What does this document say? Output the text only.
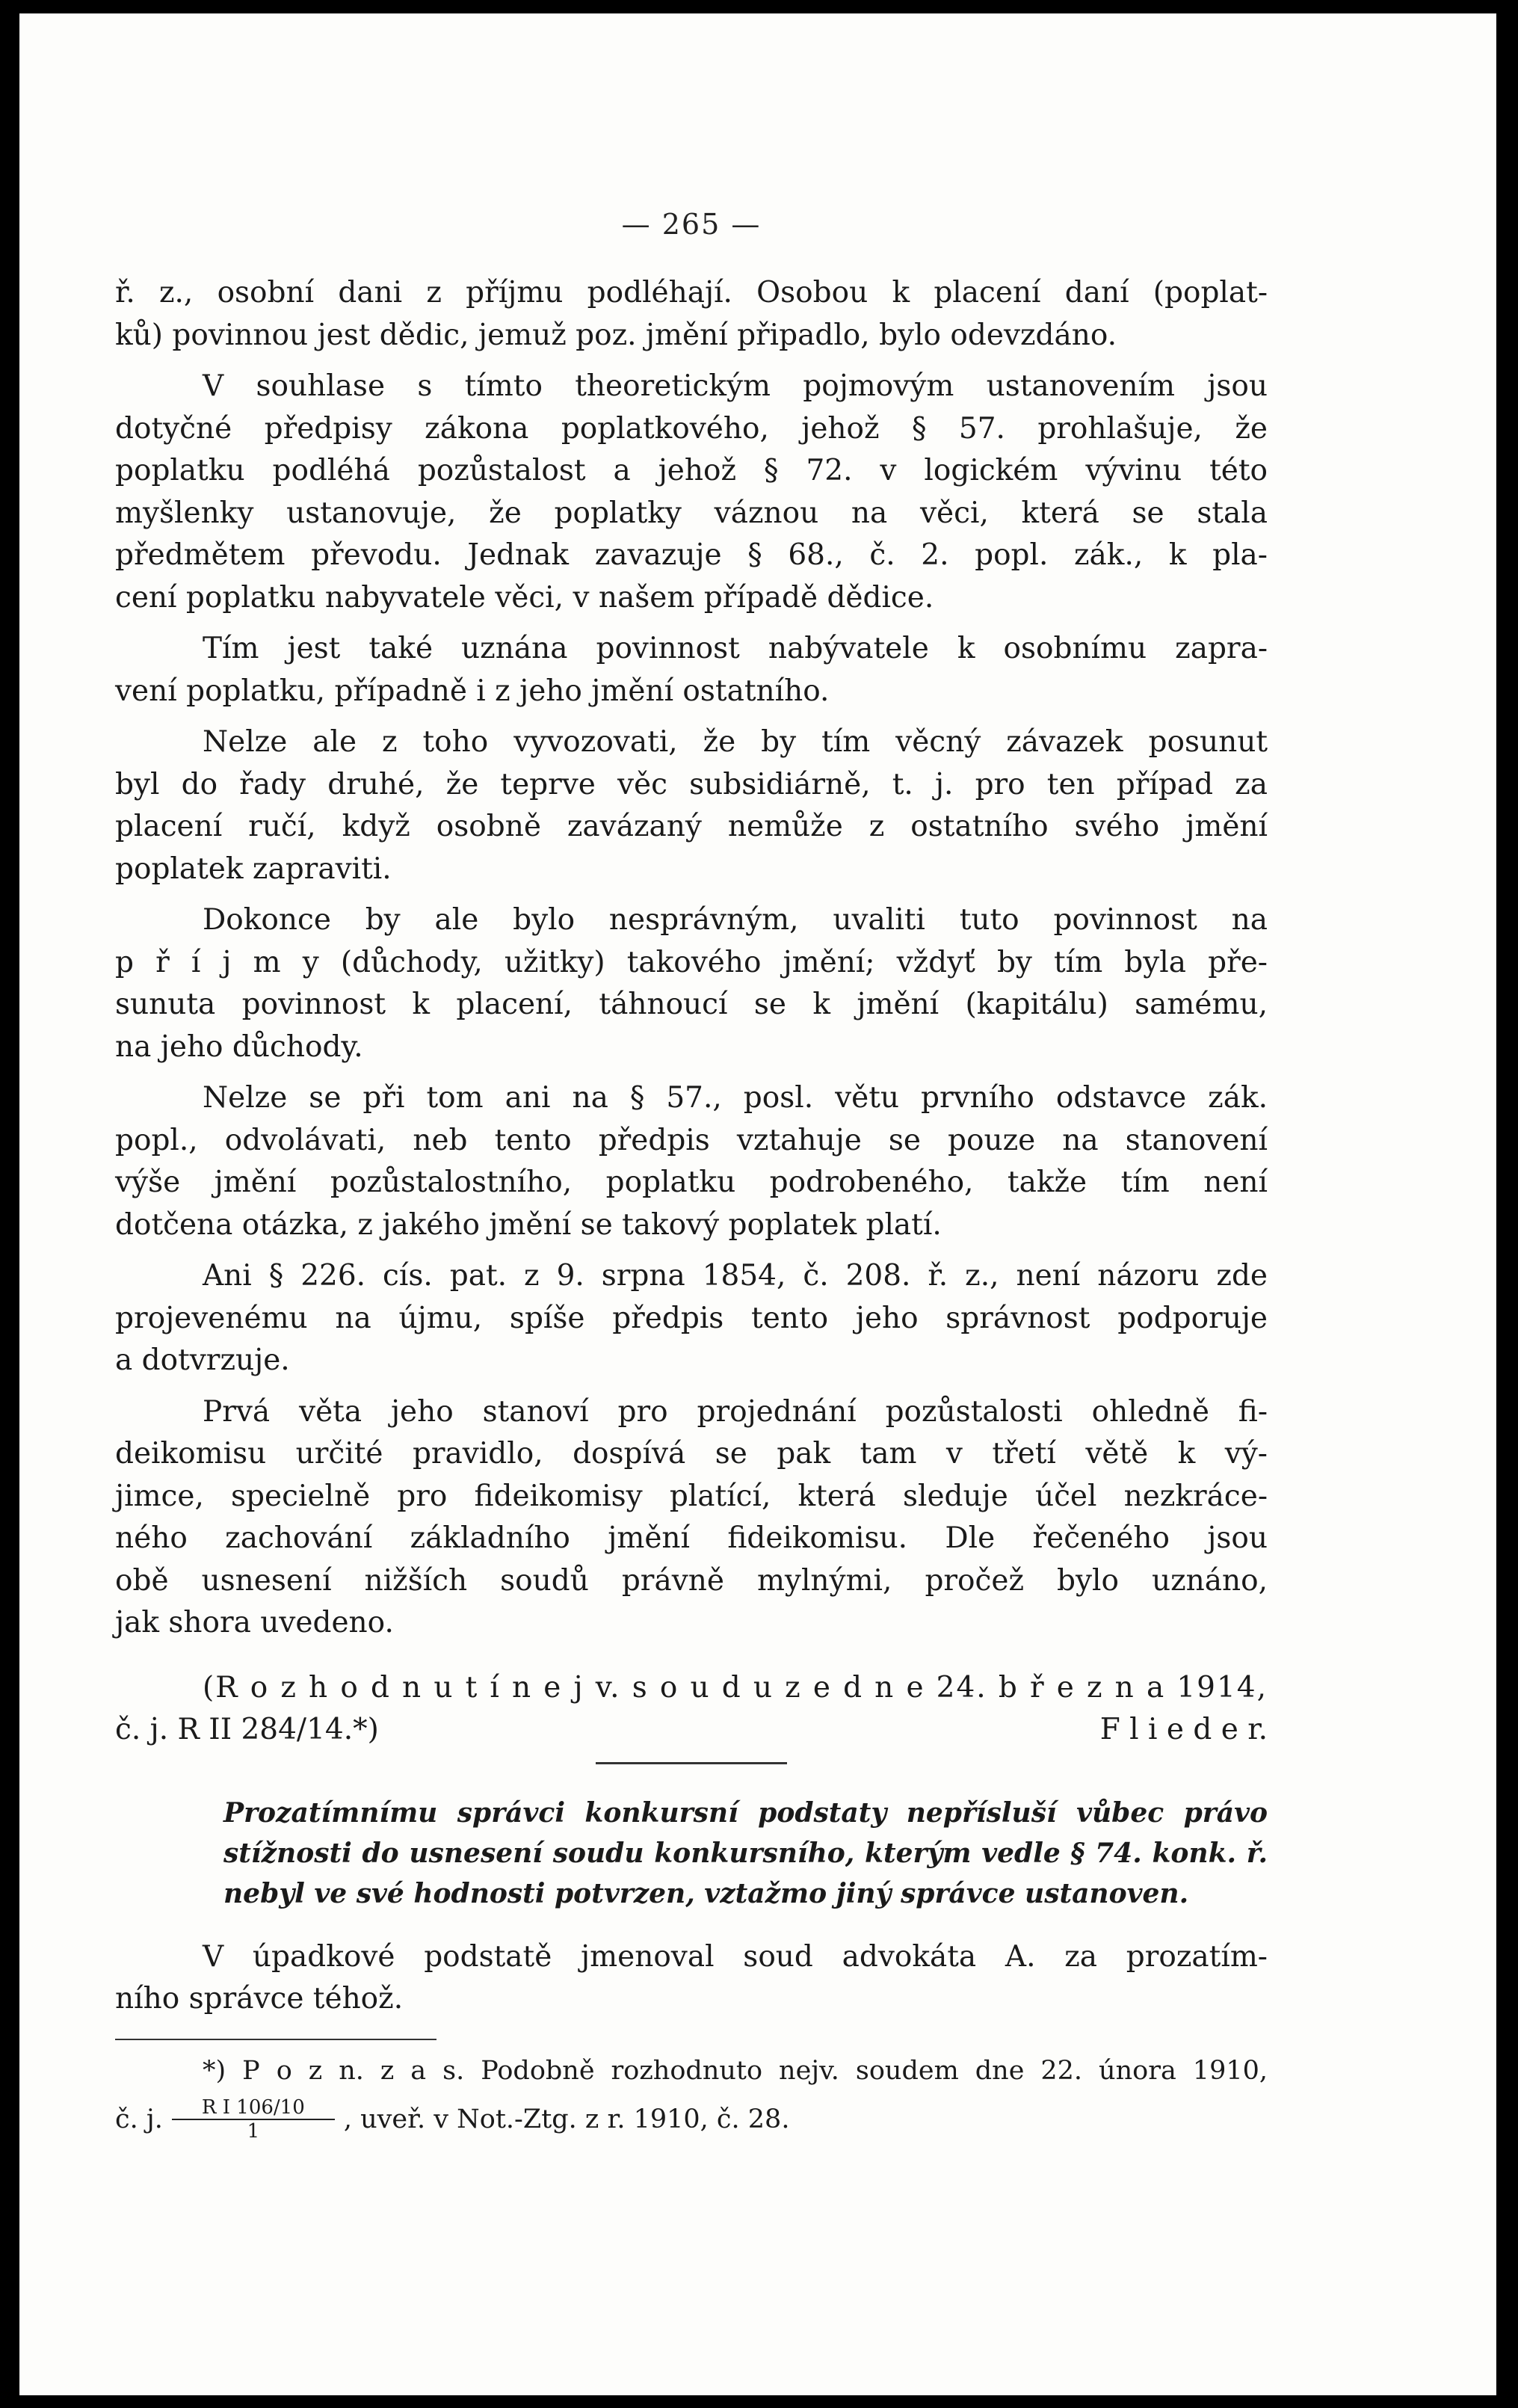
— 265 —
ř. z., osobní dani z příjmu podléhají. Osobou k placení daní (poplat-
ků) povinnou jest dědic, jemuž poz. jmění připadlo, bylo odevzdáno.
V souhlase s tímto theoretickým pojmovým ustanovením jsou
dotyčné předpisy zákona poplatkového, jehož § 57. prohlašuje, že
poplatku podléhá pozůstalost a jehož § 72. v logickém vývinu této
myšlenky ustanovuje, že poplatky váznou na věci, která se stala
předmětem převodu. Jednak zavazuje § 68., č. 2. popl. zák., k pla-
cení poplatku nabyvatele věci, v našem případě dědice.
Tím jest také uznána povinnost nabývatele k osobnímu zapra-
vení poplatku, případně i z jeho jmění ostatního.
Nelze ale z toho vyvozovati, že by tím věcný závazek posunut
byl do řady druhé, že teprve věc subsidiárně, t. j. pro ten případ za
placení ručí, když osobně zavázaný nemůže z ostatního svého jmění
poplatek zapraviti.
Dokonce by ale bylo nesprávným, uvaliti tuto povinnost na
p ř í j m y (důchody, užitky) takového jmění; vždyť by tím byla pře-
sunuta povinnost k placení, táhnoucí se k jmění (kapitálu) samému,
na jeho důchody.
Nelze se při tom ani na § 57., posl. větu prvního odstavce zák.
popl., odvolávati, neb tento předpis vztahuje se pouze na stanovení
výše jmění pozůstalostního, poplatku podrobeného, takže tím není
dotčena otázka, z jakého jmění se takový poplatek platí.
Ani § 226. cís. pat. z 9. srpna 1854, č. 208. ř. z., není názoru zde
projevenému na újmu, spíše předpis tento jeho správnost podporuje
a dotvrzuje.
Prvá věta jeho stanoví pro projednání pozůstalosti ohledně fi-
deikomisu určité pravidlo, dospívá se pak tam v třetí větě k vý-
jimce, specielně pro fideikomisy platící, která sleduje účel nezkráce-
ného zachování základního jmění fideikomisu. Dle řečeného jsou
obě usnesení nižších soudů právně mylnými, pročež bylo uznáno,
jak shora uvedeno.
(R o z h o d n u t í n e j v. s o u d u z e d n e 24. b ř e z n a 1914,
č. j. R II 284/14.*)	F l i e d e r.
Prozatímnímu správci konkursní podstaty nepřísluší vůbec právo
stížnosti do usnesení soudu konkursního, kterým vedle § 74. konk. ř.
nebyl ve své hodnosti potvrzen, vztažmo jiný správce ustanoven.
V úpadkové podstatě jmenoval soud advokáta A. za prozatím-
ního správce téhož.
*) P o z n. z a s. Podobně rozhodnuto nejv. soudem dne 22. února 1910,
č. j. $\frac{\text{R I 106/10}}{1}$ , uveř. v Not.-Ztg. z r. 1910, č. 28.
